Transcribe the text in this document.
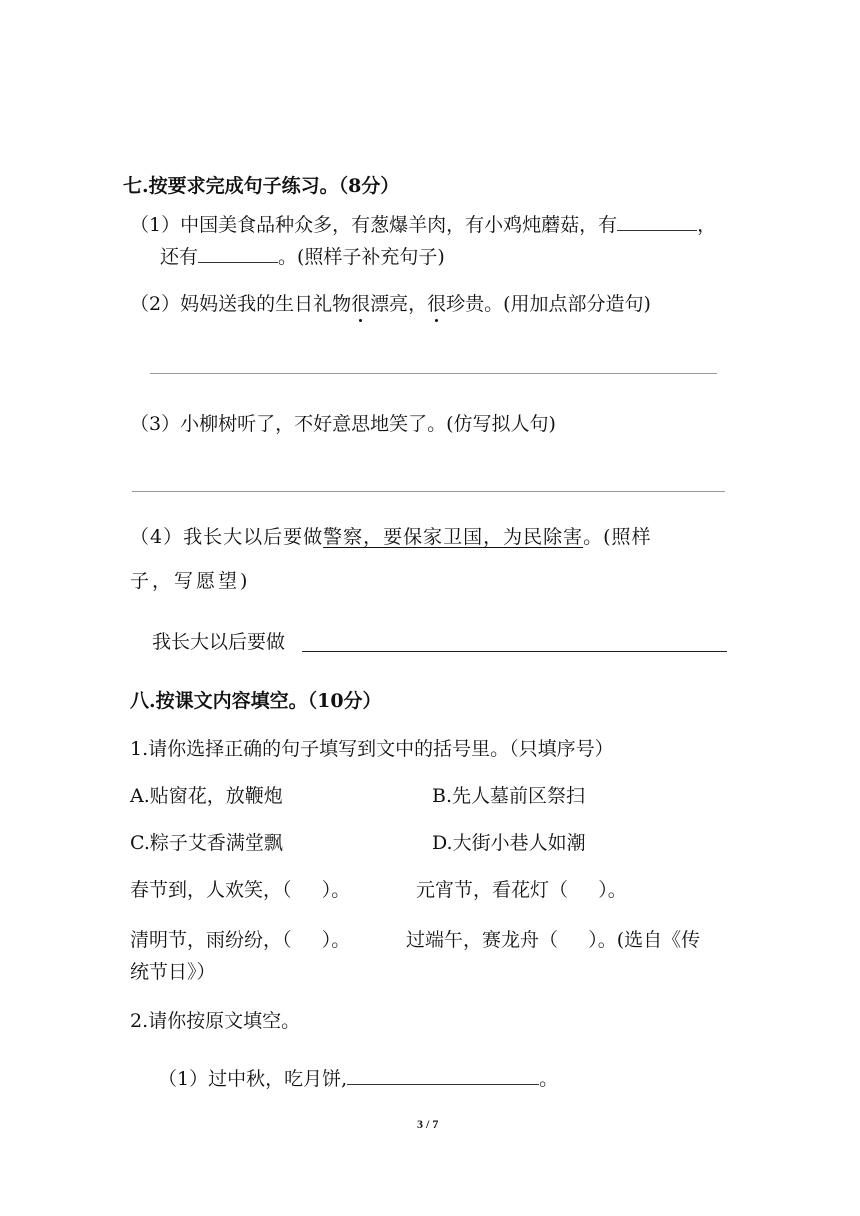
七.按要求完成句子练习。（8分）
（1）中国美食品种众多，有葱爆羊肉，有小鸡炖蘑菇，有	，
还有	。(照样子补充句子)
（2）妈妈送我的生日礼物很漂亮，很珍贵。(用加点部分造句)
（3）小柳树听了，不好意思地笑了。(仿写拟人句)
（4）我长大以后要做警察，要保家卫国，为民除害。(照样
子，写愿望)
我长大以后要做
八.按课文内容填空。（10分）
1.请你选择正确的句子填写到文中的括号里。（只填序号）
A.贴窗花，放鞭炮	B.先人墓前区祭扫
C.粽子艾香满堂飘	D.大街小巷人如潮
春节到，人欢笑，（     ）。	元宵节，看花灯（     ）。
清明节，雨纷纷，（     ）。	过端午，赛龙舟（     ）。(选自《传
统节日》）
2.请你按原文填空。
（1）过中秋，吃月饼,	。
3 / 7
